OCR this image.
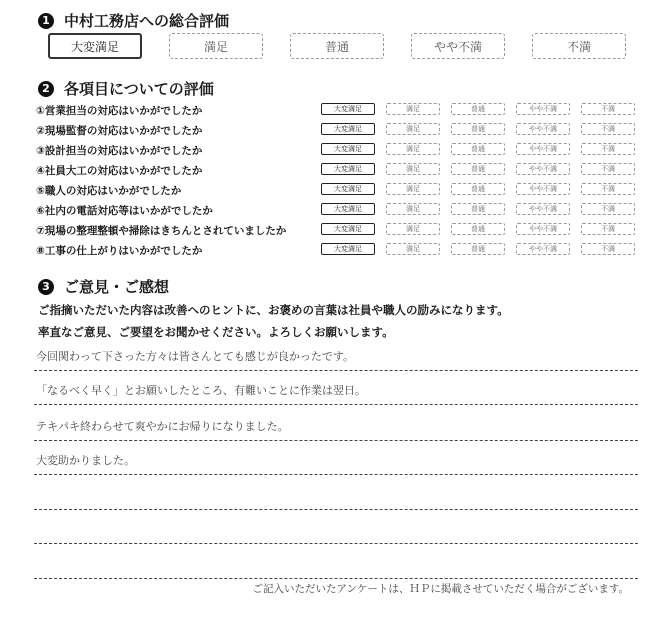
1 中村工務店への総合評価
大変満足	満足	普通	やや不満	不満
2 各項目についての評価
①営業担当の対応はいかがでしたか	大変満足	満足	普通	やや不満	不満
②現場監督の対応はいかがでしたか	大変満足	満足	普通	やや不満	不満
③設計担当の対応はいかがでしたか	大変満足	満足	普通	やや不満	不満
④社員大工の対応はいかがでしたか	大変満足	満足	普通	やや不満	不満
⑤職人の対応はいかがでしたか	大変満足	満足	普通	やや不満	不満
⑥社内の電話対応等はいかがでしたか	大変満足	満足	普通	やや不満	不満
⑦現場の整理整頓や掃除はきちんとされていましたか	大変満足	満足	普通	やや不満	不満
⑧工事の仕上がりはいかがでしたか	大変満足	満足	普通	やや不満	不満
3 ご意見・ご感想
ご指摘いただいた内容は改善へのヒントに、お褒めの言葉は社員や職人の励みになります。
率直なご意見、ご要望をお聞かせください。よろしくお願いします。
今回関わって下さった方々は皆さんとても感じが良かったです。
「なるべく早く」とお願いしたところ、有難いことに作業は翌日。
テキパキ終わらせて爽やかにお帰りになりました。
大変助かりました。
ご記入いただいたアンケートは、ＨＰに掲載させていただく場合がございます。
